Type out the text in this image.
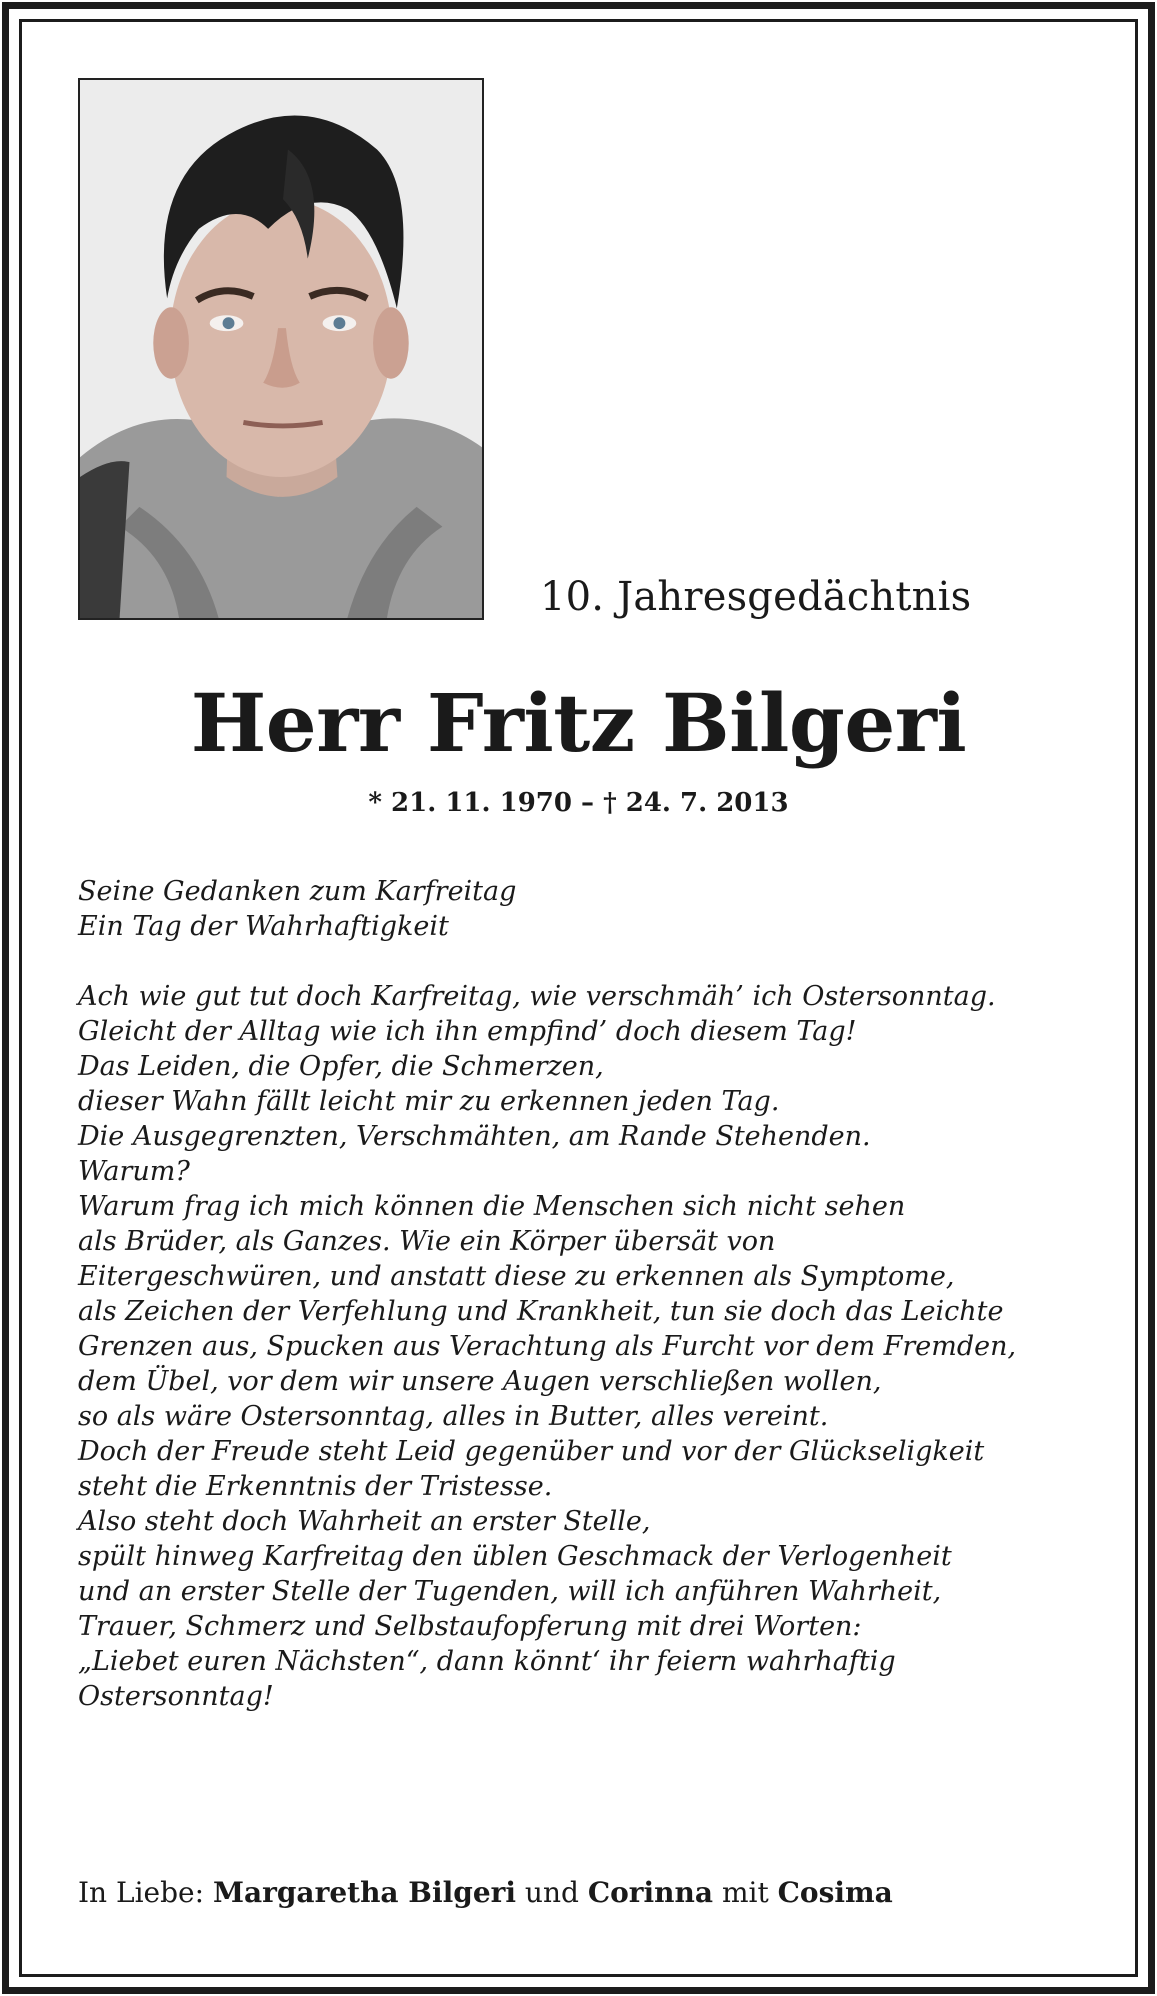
10. Jahresgedächtnis
Herr Fritz Bilgeri
* 21. 11. 1970 – † 24. 7. 2013
Seine Gedanken zum Karfreitag
Ein Tag der Wahrhaftigkeit
Ach wie gut tut doch Karfreitag, wie verschmäh’ ich Ostersonntag.
Gleicht der Alltag wie ich ihn empfind’ doch diesem Tag!
Das Leiden, die Opfer, die Schmerzen,
dieser Wahn fällt leicht mir zu erkennen jeden Tag.
Die Ausgegrenzten, Verschmähten, am Rande Stehenden.
Warum?
Warum frag ich mich können die Menschen sich nicht sehen
als Brüder, als Ganzes. Wie ein Körper übersät von
Eitergeschwüren, und anstatt diese zu erkennen als Symptome,
als Zeichen der Verfehlung und Krankheit, tun sie doch das Leichte
Grenzen aus, Spucken aus Verachtung als Furcht vor dem Fremden,
dem Übel, vor dem wir unsere Augen verschließen wollen,
so als wäre Ostersonntag, alles in Butter, alles vereint.
Doch der Freude steht Leid gegenüber und vor der Glückseligkeit
steht die Erkenntnis der Tristesse.
Also steht doch Wahrheit an erster Stelle,
spült hinweg Karfreitag den üblen Geschmack der Verlogenheit
und an erster Stelle der Tugenden, will ich anführen Wahrheit,
Trauer, Schmerz und Selbstaufopferung mit drei Worten:
„Liebet euren Nächsten“, dann könnt‘ ihr feiern wahrhaftig
Ostersonntag!
In Liebe: Margaretha Bilgeri und Corinna mit Cosima
